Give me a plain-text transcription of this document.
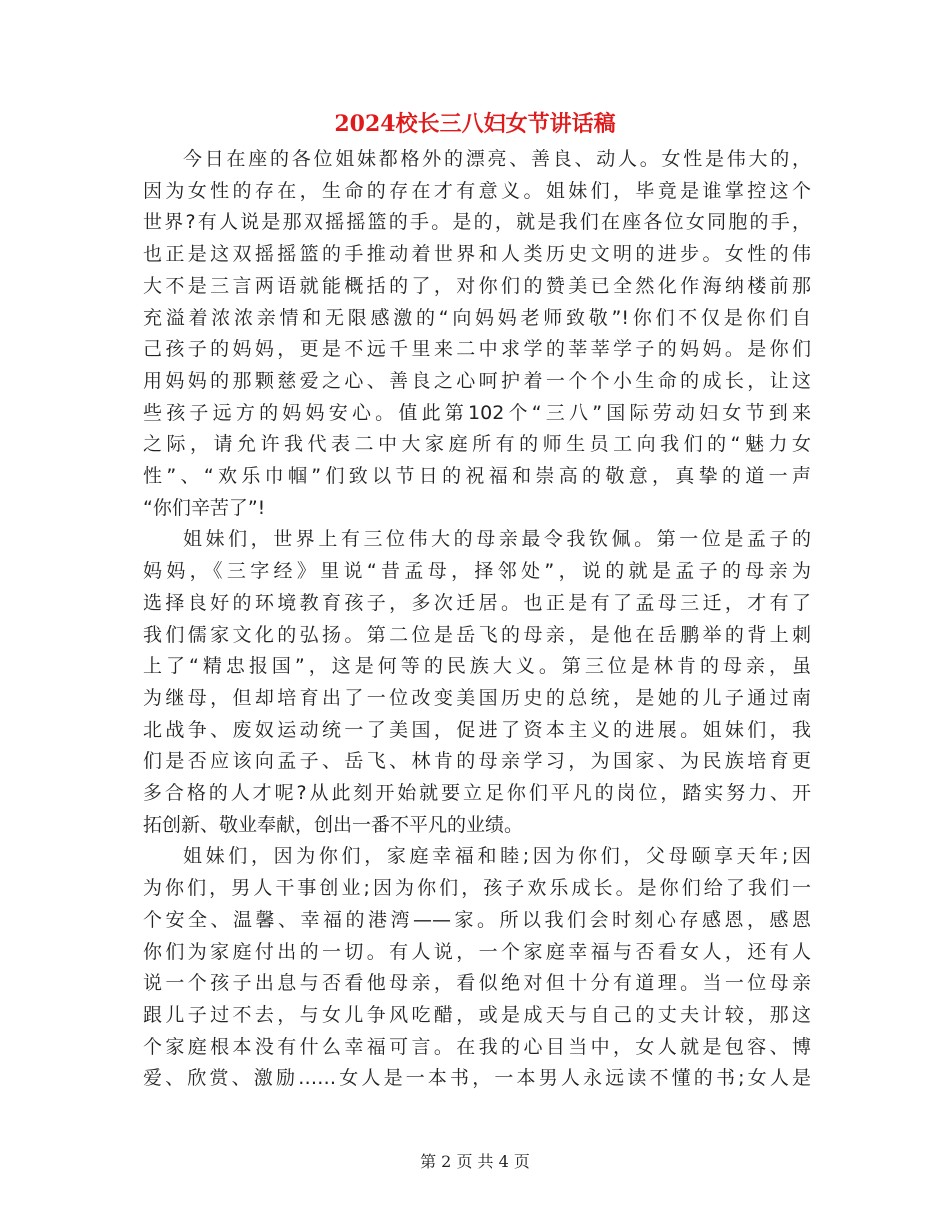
2024校长三八妇女节讲话稿

今日在座的各位姐妹都格外的漂亮、善良、动人。女性是伟大的，
因为女性的存在，生命的存在才有意义。姐妹们，毕竟是谁掌控这个
世界?有人说是那双摇摇篮的手。是的，就是我们在座各位女同胞的手，
也正是这双摇摇篮的手推动着世界和人类历史文明的进步。女性的伟
大不是三言两语就能概括的了，对你们的赞美已全然化作海纳楼前那
充溢着浓浓亲情和无限感激的“向妈妈老师致敬”!你们不仅是你们自
己孩子的妈妈，更是不远千里来二中求学的莘莘学子的妈妈。是你们
用妈妈的那颗慈爱之心、善良之心呵护着一个个小生命的成长，让这
些孩子远方的妈妈安心。值此第102个“三八”国际劳动妇女节到来
之际，请允许我代表二中大家庭所有的师生员工向我们的“魅力女
性”、“欢乐巾帼”们致以节日的祝福和崇高的敬意，真挚的道一声
“你们辛苦了”!

姐妹们，世界上有三位伟大的母亲最令我钦佩。第一位是孟子的
妈妈，《三字经》里说“昔孟母，择邻处”，说的就是孟子的母亲为
选择良好的环境教育孩子，多次迁居。也正是有了孟母三迁，才有了
我们儒家文化的弘扬。第二位是岳飞的母亲，是他在岳鹏举的背上刺
上了“精忠报国”，这是何等的民族大义。第三位是林肯的母亲，虽
为继母，但却培育出了一位改变美国历史的总统，是她的儿子通过南
北战争、废奴运动统一了美国，促进了资本主义的进展。姐妹们，我
们是否应该向孟子、岳飞、林肯的母亲学习，为国家、为民族培育更
多合格的人才呢?从此刻开始就要立足你们平凡的岗位，踏实努力、开
拓创新、敬业奉献，创出一番不平凡的业绩。

姐妹们，因为你们，家庭幸福和睦;因为你们，父母颐享天年;因
为你们，男人干事创业;因为你们，孩子欢乐成长。是你们给了我们一
个安全、温馨、幸福的港湾——家。所以我们会时刻心存感恩，感恩
你们为家庭付出的一切。有人说，一个家庭幸福与否看女人，还有人
说一个孩子出息与否看他母亲，看似绝对但十分有道理。当一位母亲
跟儿子过不去，与女儿争风吃醋，或是成天与自己的丈夫计较，那这
个家庭根本没有什么幸福可言。在我的心目当中，女人就是包容、博
爱、欣赏、激励……女人是一本书，一本男人永远读不懂的书;女人是

第 2 页 共 4 页
